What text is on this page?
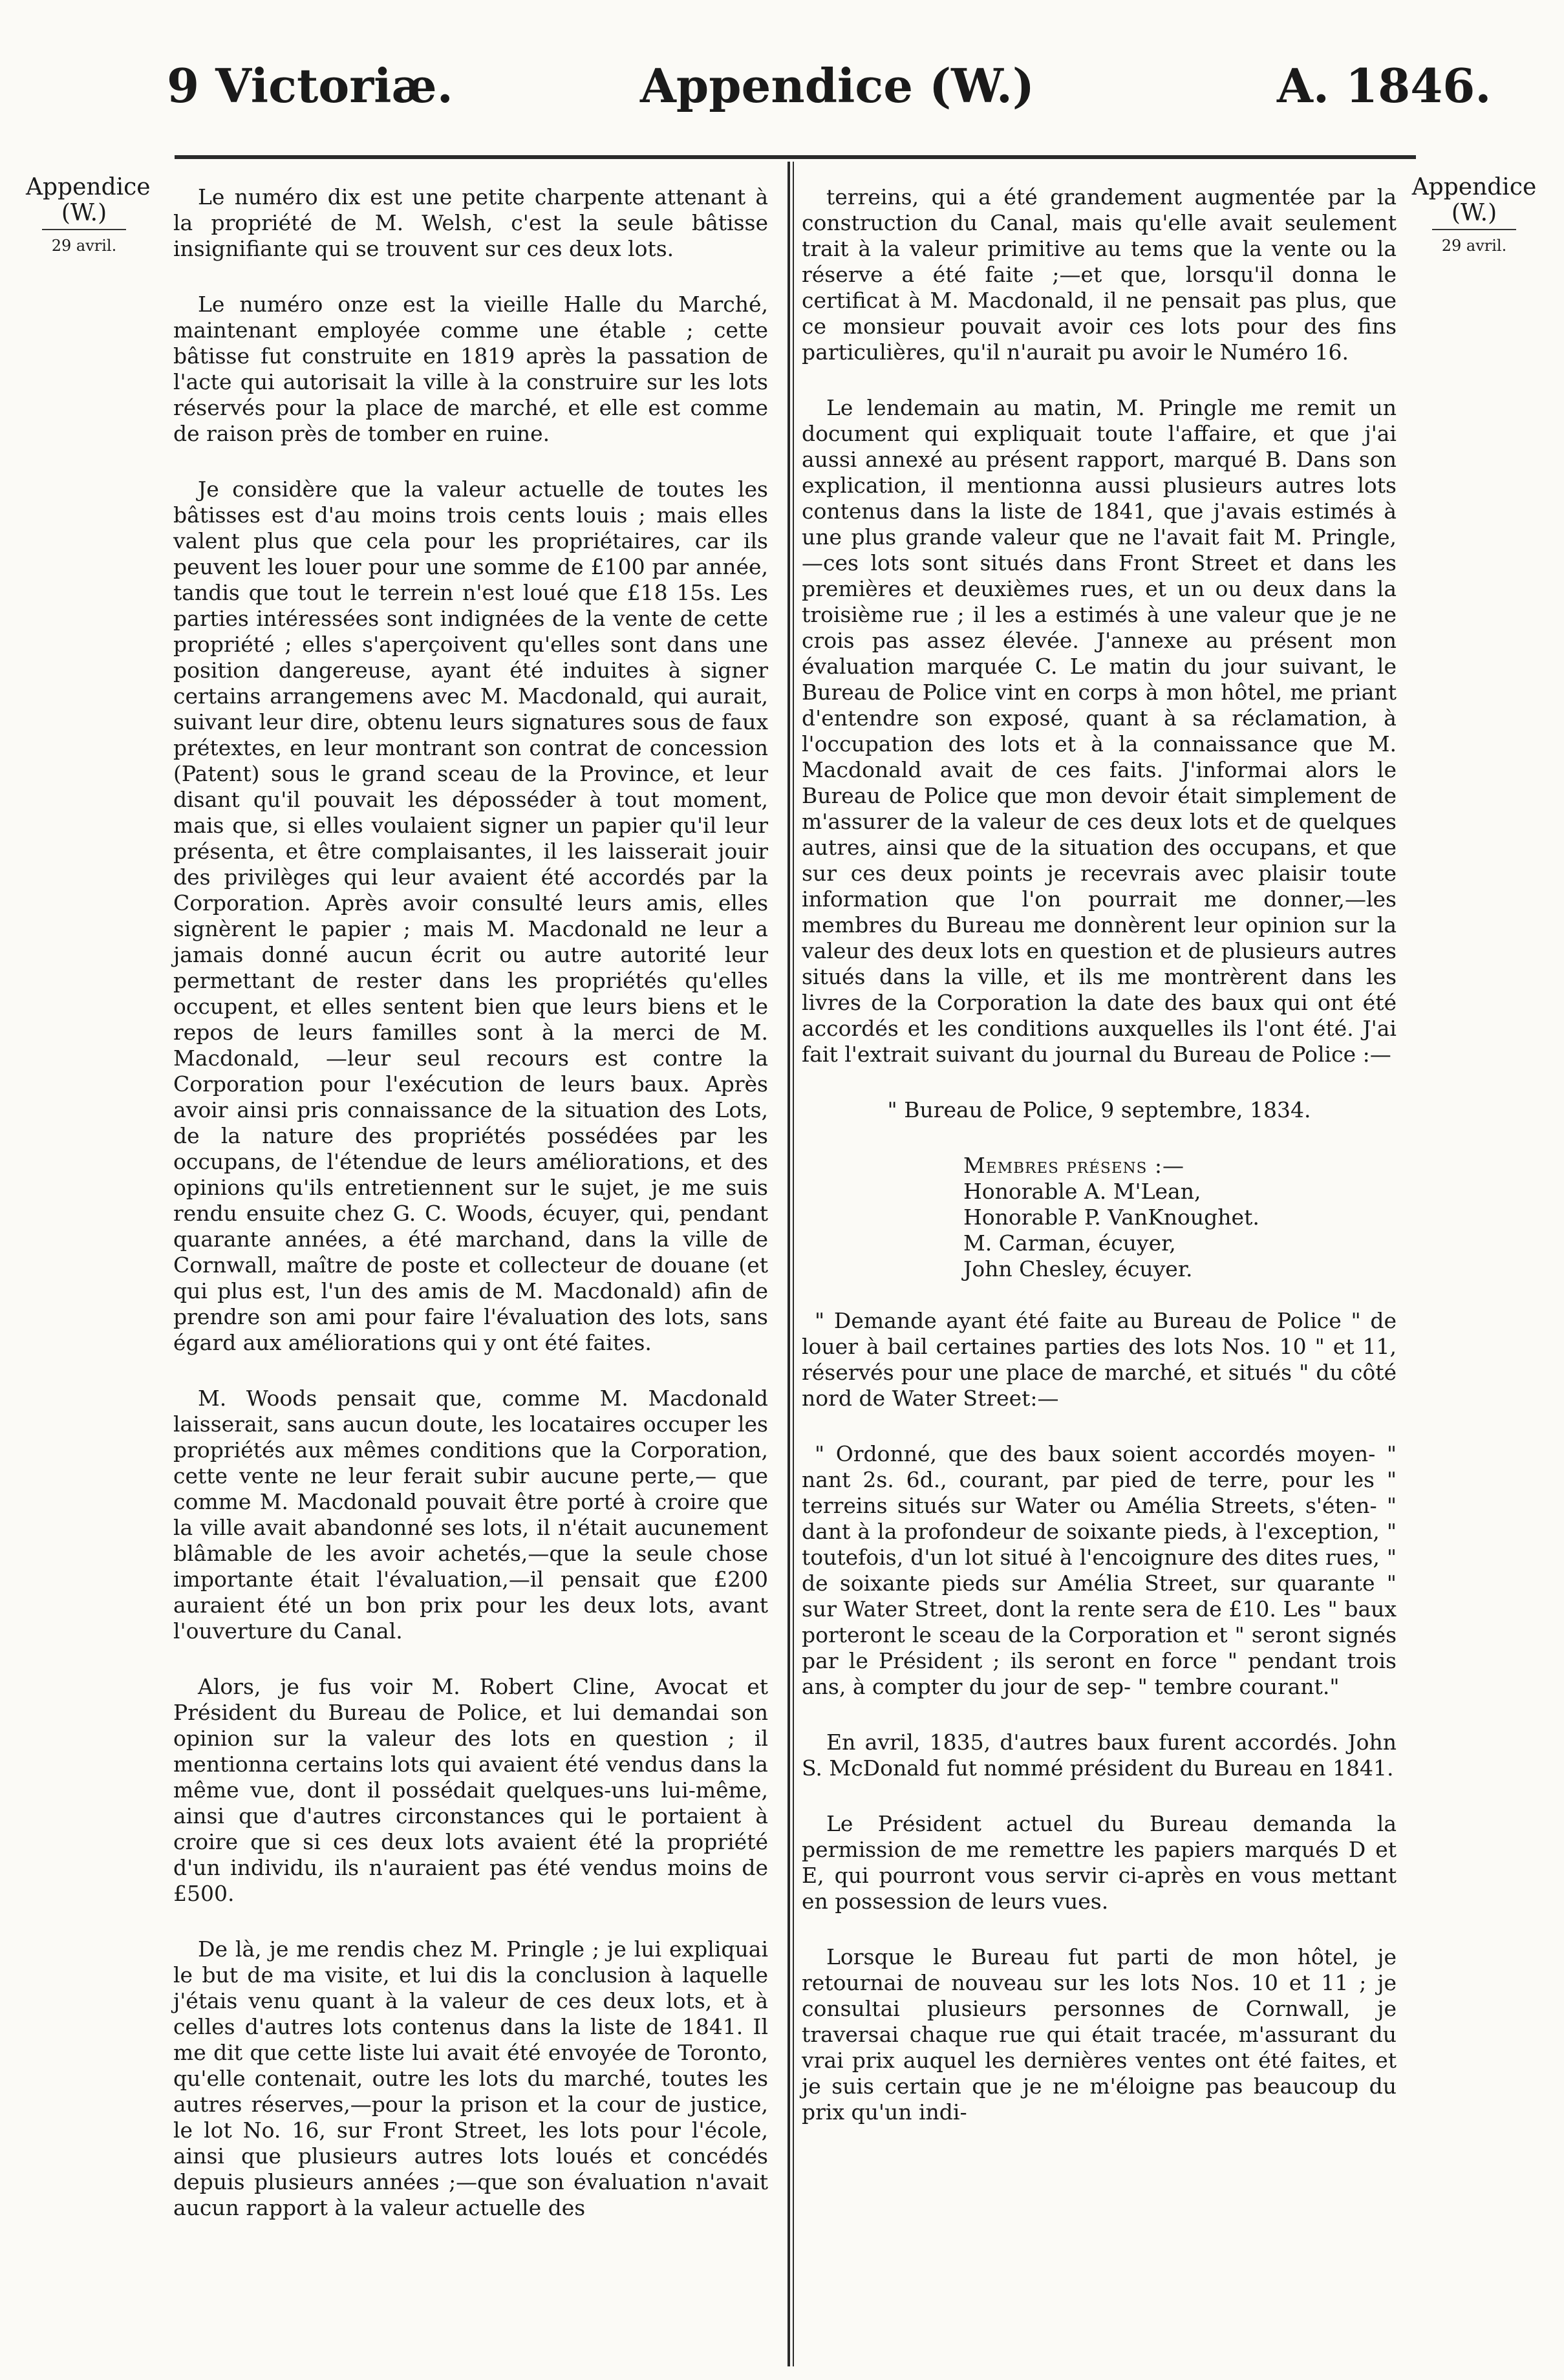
9 Victoriæ.	Appendice (W.)	A. 1846.
Appendice
(W.)
29 avril.
Appendice
(W.)
29 avril.

Le numéro dix est une petite charpente attenant à la propriété de M. Welsh, c'est la seule bâtisse insignifiante qui se trouvent sur ces deux lots.

Le numéro onze est la vieille Halle du Marché, maintenant employée comme une étable ; cette bâtisse fut construite en 1819 après la passation de l'acte qui autorisait la ville à la construire sur les lots réservés pour la place de marché, et elle est comme de raison près de tomber en ruine.

Je considère que la valeur actuelle de toutes les bâtisses est d'au moins trois cents louis ; mais elles valent plus que cela pour les propriétaires, car ils peuvent les louer pour une somme de £100 par année, tandis que tout le terrein n'est loué que £18 15s. Les parties intéressées sont indignées de la vente de cette propriété ; elles s'aperçoivent qu'elles sont dans une position dangereuse, ayant été induites à signer certains arrangemens avec M. Macdonald, qui aurait, suivant leur dire, obtenu leurs signatures sous de faux prétextes, en leur montrant son contrat de concession (Patent) sous le grand sceau de la Province, et leur disant qu'il pouvait les déposséder à tout moment, mais que, si elles voulaient signer un papier qu'il leur présenta, et être complaisantes, il les laisserait jouir des privilèges qui leur avaient été accordés par la Corporation. Après avoir consulté leurs amis, elles signèrent le papier ; mais M. Macdonald ne leur a jamais donné aucun écrit ou autre autorité leur permettant de rester dans les propriétés qu'elles occupent, et elles sentent bien que leurs biens et le repos de leurs familles sont à la merci de M. Macdonald, —leur seul recours est contre la Corporation pour l'exécution de leurs baux. Après avoir ainsi pris connaissance de la situation des Lots, de la nature des propriétés possédées par les occupans, de l'étendue de leurs améliorations, et des opinions qu'ils entretiennent sur le sujet, je me suis rendu ensuite chez G. C. Woods, écuyer, qui, pendant quarante années, a été marchand, dans la ville de Cornwall, maître de poste et collecteur de douane (et qui plus est, l'un des amis de M. Macdonald) afin de prendre son ami pour faire l'évaluation des lots, sans égard aux améliorations qui y ont été faites.

M. Woods pensait que, comme M. Macdonald laisserait, sans aucun doute, les locataires occuper les propriétés aux mêmes conditions que la Corporation, cette vente ne leur ferait subir aucune perte,— que comme M. Macdonald pouvait être porté à croire que la ville avait abandonné ses lots, il n'était aucunement blâmable de les avoir achetés,—que la seule chose importante était l'évaluation,—il pensait que £200 auraient été un bon prix pour les deux lots, avant l'ouverture du Canal.

Alors, je fus voir M. Robert Cline, Avocat et Président du Bureau de Police, et lui demandai son opinion sur la valeur des lots en question ; il mentionna certains lots qui avaient été vendus dans la même vue, dont il possédait quelques-uns lui-même, ainsi que d'autres circonstances qui le portaient à croire que si ces deux lots avaient été la propriété d'un individu, ils n'auraient pas été vendus moins de £500.

De là, je me rendis chez M. Pringle ; je lui expliquai le but de ma visite, et lui dis la conclusion à laquelle j'étais venu quant à la valeur de ces deux lots, et à celles d'autres lots contenus dans la liste de 1841. Il me dit que cette liste lui avait été envoyée de Toronto, qu'elle contenait, outre les lots du marché, toutes les autres réserves,—pour la prison et la cour de justice, le lot No. 16, sur Front Street, les lots pour l'école, ainsi que plusieurs autres lots loués et concédés depuis plusieurs années ;—que son évaluation n'avait aucun rapport à la valeur actuelle des

terreins, qui a été grandement augmentée par la construction du Canal, mais qu'elle avait seulement trait à la valeur primitive au tems que la vente ou la réserve a été faite ;—et que, lorsqu'il donna le certificat à M. Macdonald, il ne pensait pas plus, que ce monsieur pouvait avoir ces lots pour des fins particulières, qu'il n'aurait pu avoir le Numéro 16.

Le lendemain au matin, M. Pringle me remit un document qui expliquait toute l'affaire, et que j'ai aussi annexé au présent rapport, marqué B. Dans son explication, il mentionna aussi plusieurs autres lots contenus dans la liste de 1841, que j'avais estimés à une plus grande valeur que ne l'avait fait M. Pringle, —ces lots sont situés dans Front Street et dans les premières et deuxièmes rues, et un ou deux dans la troisième rue ; il les a estimés à une valeur que je ne crois pas assez élevée. J'annexe au présent mon évaluation marquée C. Le matin du jour suivant, le Bureau de Police vint en corps à mon hôtel, me priant d'entendre son exposé, quant à sa réclamation, à l'occupation des lots et à la connaissance que M. Macdonald avait de ces faits. J'informai alors le Bureau de Police que mon devoir était simplement de m'assurer de la valeur de ces deux lots et de quelques autres, ainsi que de la situation des occupans, et que sur ces deux points je recevrais avec plaisir toute information que l'on pourrait me donner,—les membres du Bureau me donnèrent leur opinion sur la valeur des deux lots en question et de plusieurs autres situés dans la ville, et ils me montrèrent dans les livres de la Corporation la date des baux qui ont été accordés et les conditions auxquelles ils l'ont été. J'ai fait l'extrait suivant du journal du Bureau de Police :—

" Bureau de Police, 9 septembre, 1834.

Membres présens :—
Honorable A. M'Lean,
Honorable P. VanKnoughet.
M. Carman, écuyer,
John Chesley, écuyer.

" Demande ayant été faite au Bureau de Police " de louer à bail certaines parties des lots Nos. 10 " et 11, réservés pour une place de marché, et situés " du côté nord de Water Street:—

" Ordonné, que des baux soient accordés moyen- " nant 2s. 6d., courant, par pied de terre, pour les " terreins situés sur Water ou Amélia Streets, s'éten- " dant à la profondeur de soixante pieds, à l'exception, " toutefois, d'un lot situé à l'encoignure des dites rues, " de soixante pieds sur Amélia Street, sur quarante " sur Water Street, dont la rente sera de £10. Les " baux porteront le sceau de la Corporation et " seront signés par le Président ; ils seront en force " pendant trois ans, à compter du jour de sep- " tembre courant."

En avril, 1835, d'autres baux furent accordés. John S. McDonald fut nommé président du Bureau en 1841.

Le Président actuel du Bureau demanda la permission de me remettre les papiers marqués D et E, qui pourront vous servir ci-après en vous mettant en possession de leurs vues.

Lorsque le Bureau fut parti de mon hôtel, je retournai de nouveau sur les lots Nos. 10 et 11 ; je consultai plusieurs personnes de Cornwall, je traversai chaque rue qui était tracée, m'assurant du vrai prix auquel les dernières ventes ont été faites, et je suis certain que je ne m'éloigne pas beaucoup du prix qu'un indi-
